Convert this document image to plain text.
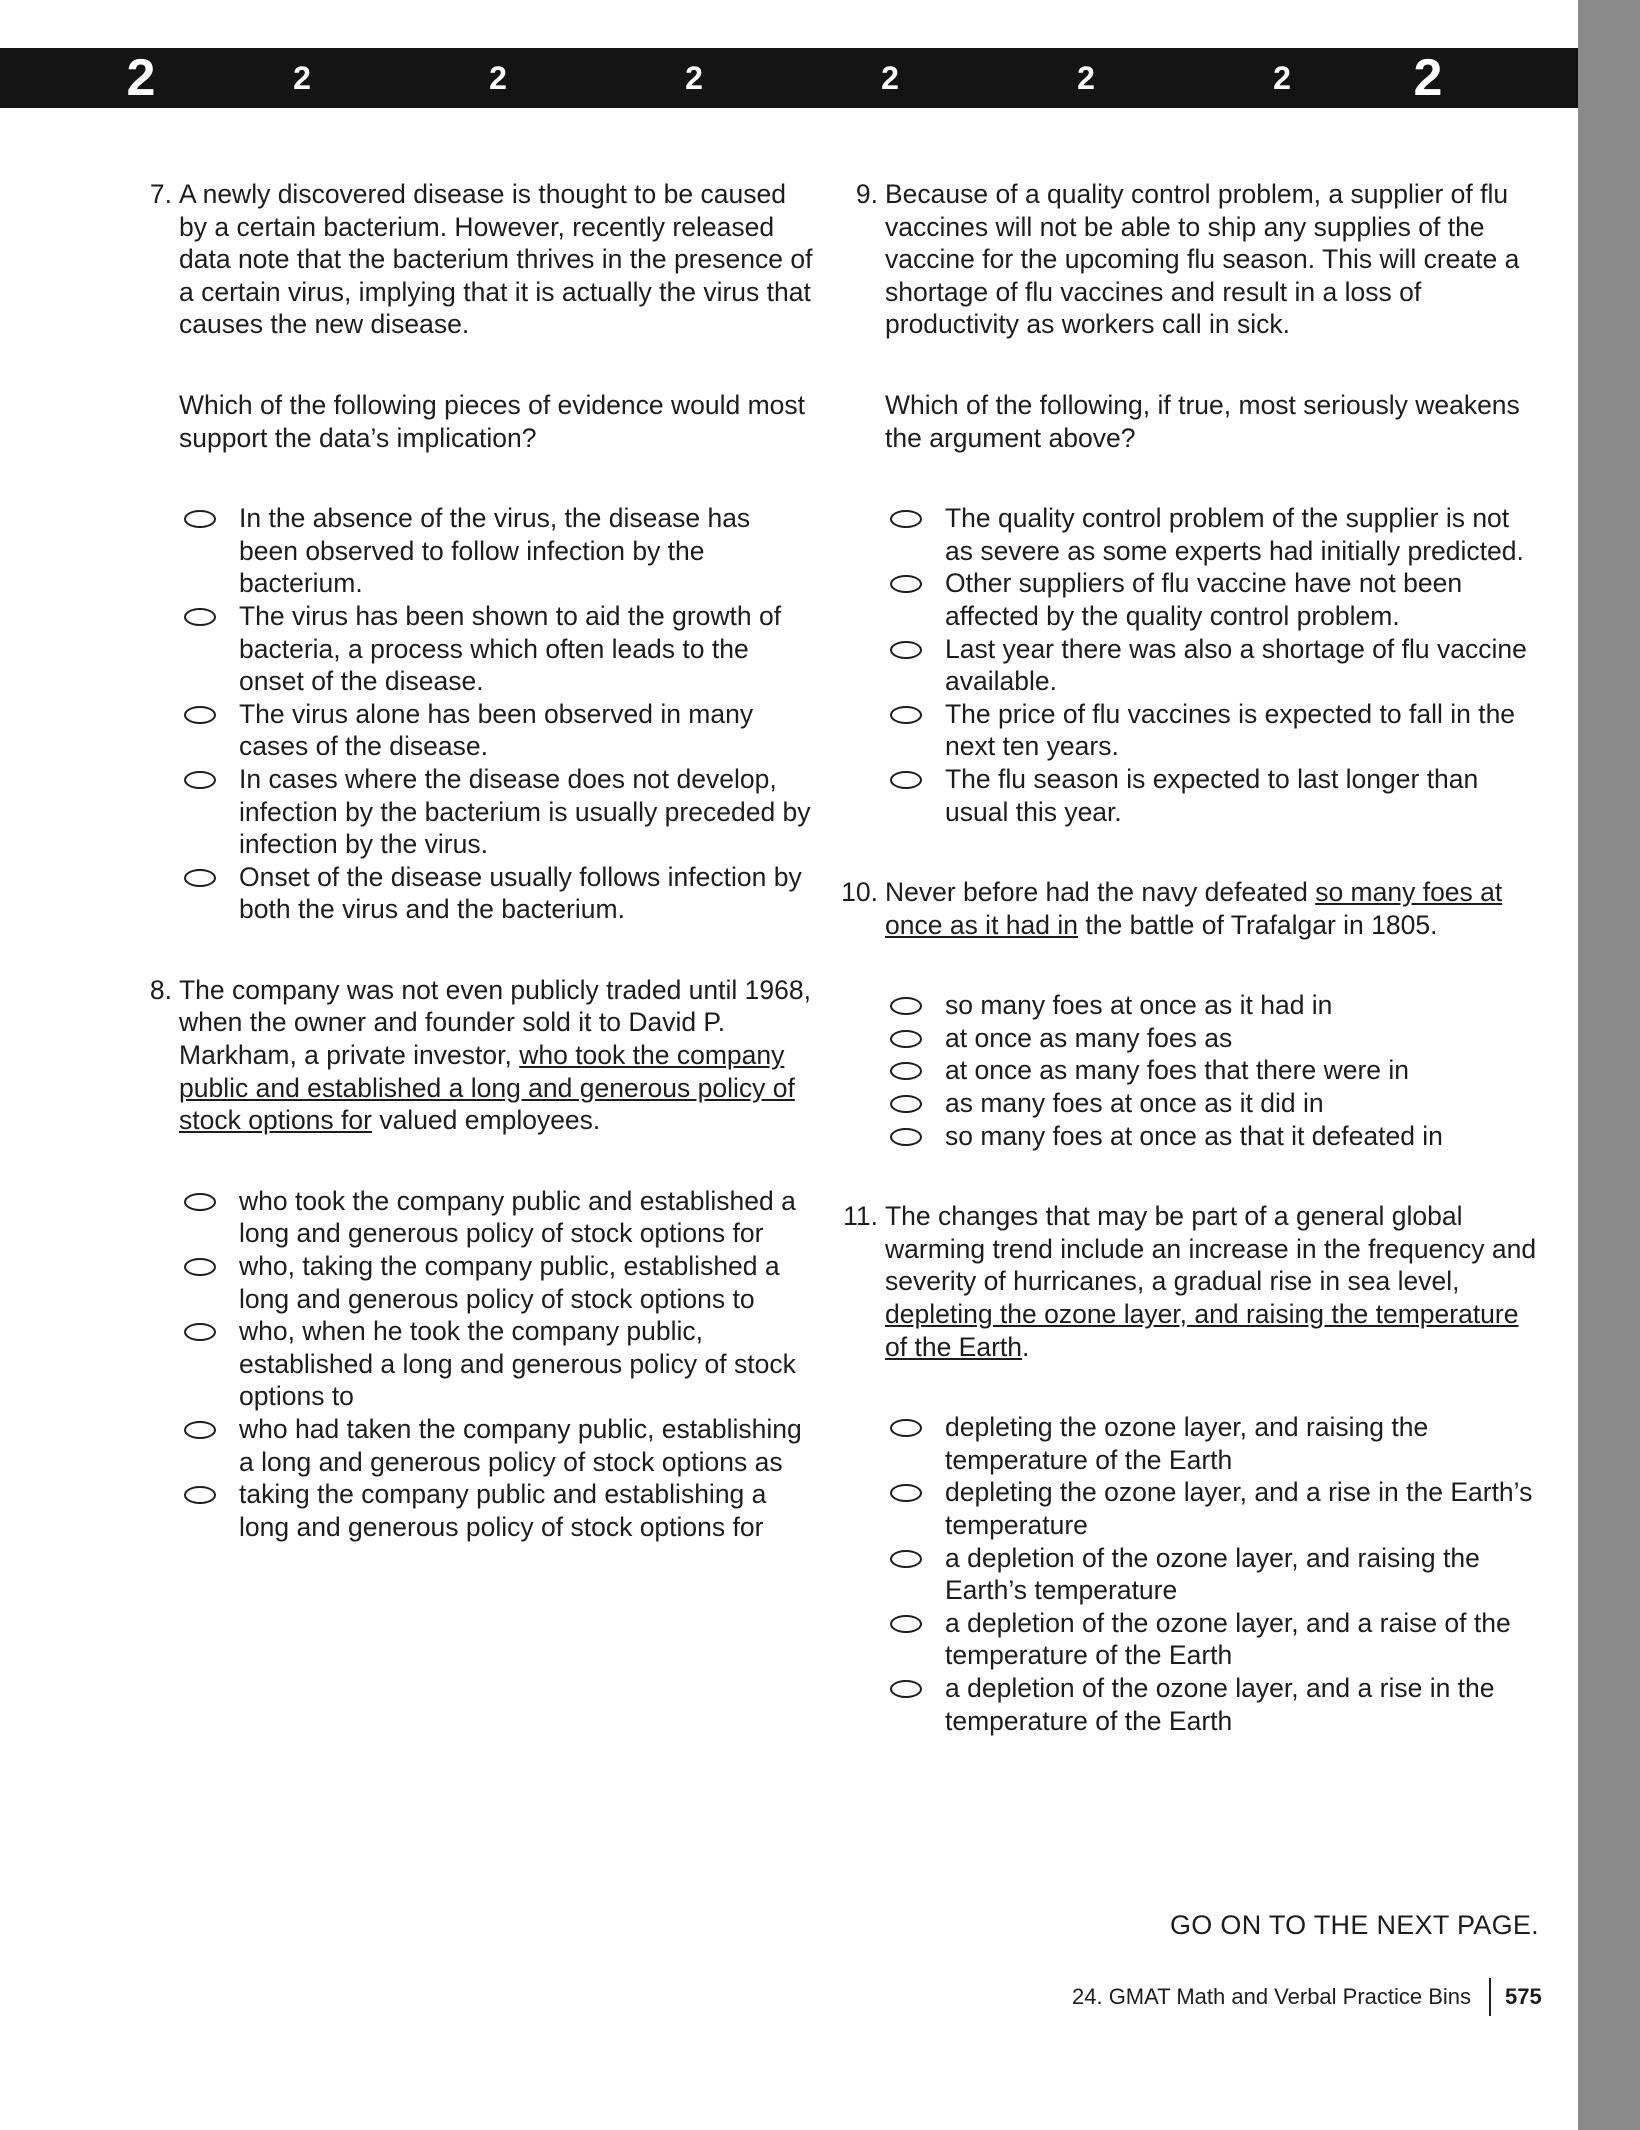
2	2	2	2	2	2	2 2
7. A newly discovered disease is thought to be caused by a certain bacterium. However, recently released data note that the bacterium thrives in the presence of a certain virus, implying that it is actually the virus that causes the new disease.

Which of the following pieces of evidence would most support the data’s implication?

In the absence of the virus, the disease has been observed to follow infection by the bacterium.
The virus has been shown to aid the growth of bacteria, a process which often leads to the onset of the disease.
The virus alone has been observed in many cases of the disease.
In cases where the disease does not develop, infection by the bacterium is usually preceded by infection by the virus.
Onset of the disease usually follows infection by both the virus and the bacterium.
8. The company was not even publicly traded until 1968, when the owner and founder sold it to David P. Markham, a private investor, who took the company public and established a long and generous policy of stock options for valued employees.

who took the company public and established a long and generous policy of stock options for
who, taking the company public, established a long and generous policy of stock options to
who, when he took the company public, established a long and generous policy of stock options to
who had taken the company public, establishing a long and generous policy of stock options as
taking the company public and establishing a long and generous policy of stock options for
9. Because of a quality control problem, a supplier of flu vaccines will not be able to ship any supplies of the vaccine for the upcoming flu season. This will create a shortage of flu vaccines and result in a loss of productivity as workers call in sick.

Which of the following, if true, most seriously weakens the argument above?

The quality control problem of the supplier is not as severe as some experts had initially predicted.
Other suppliers of flu vaccine have not been affected by the quality control problem.
Last year there was also a shortage of flu vaccine available.
The price of flu vaccines is expected to fall in the next ten years.
The flu season is expected to last longer than usual this year.
10. Never before had the navy defeated so many foes at once as it had in the battle of Trafalgar in 1805.

so many foes at once as it had in
at once as many foes as
at once as many foes that there were in
as many foes at once as it did in
so many foes at once as that it defeated in
11. The changes that may be part of a general global warming trend include an increase in the frequency and severity of hurricanes, a gradual rise in sea level, depleting the ozone layer, and raising the temperature of the Earth.

depleting the ozone layer, and raising the temperature of the Earth
depleting the ozone layer, and a rise in the Earth’s temperature
a depletion of the ozone layer, and raising the Earth’s temperature
a depletion of the ozone layer, and a raise of the temperature of the Earth
a depletion of the ozone layer, and a rise in the temperature of the Earth
GO ON TO THE NEXT PAGE.
24. GMAT Math and Verbal Practice Bins 575
